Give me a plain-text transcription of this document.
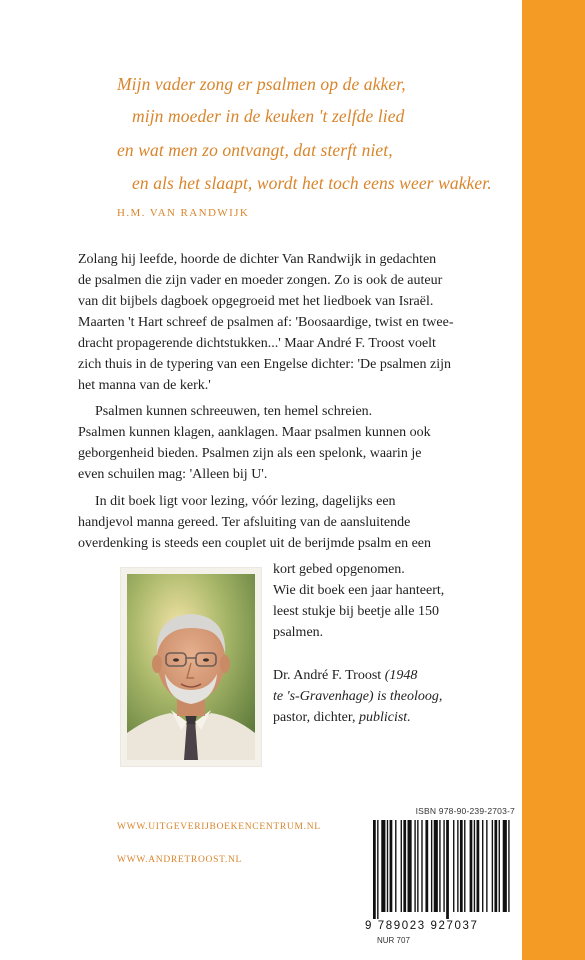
Mijn vader zong er psalmen op de akker,
mijn moeder in de keuken 't zelfde lied
en wat men zo ontvangt, dat sterft niet,
en als het slaapt, wordt het toch eens weer wakker.
H.M. VAN RANDWIJK
Zolang hij leefde, hoorde de dichter Van Randwijk in gedachten
de psalmen die zijn vader en moeder zongen. Zo is ook de auteur
van dit bijbels dagboek opgegroeid met het liedboek van Israël.
Maarten 't Hart schreef de psalmen af: 'Boosaardige, twist en twee-
dracht propagerende dichtstukken...' Maar André F. Troost voelt
zich thuis in de typering van een Engelse dichter: 'De psalmen zijn
het manna van de kerk.'
Psalmen kunnen schreeuwen, ten hemel schreien.
Psalmen kunnen klagen, aanklagen. Maar psalmen kunnen ook
geborgenheid bieden. Psalmen zijn als een spelonk, waarin je
even schuilen mag: 'Alleen bij U'.
In dit boek ligt voor lezing, vóór lezing, dagelijks een
handjevol manna gereed. Ter afsluiting van de aansluitende
overdenking is steeds een couplet uit de berijmde psalm en een
kort gebed opgenomen.
Wie dit boek een jaar hanteert,
leest stukje bij beetje alle 150
psalmen.
Dr. André F. Troost (1948
te 's-Gravenhage) is theoloog,
pastor, dichter, publicist.
WWW.UITGEVERIJBOEKENCENTRUM.NL
WWW.ANDRETROOST.NL
ISBN 978-90-239-2703-7
9 789023 927037
NUR 707
